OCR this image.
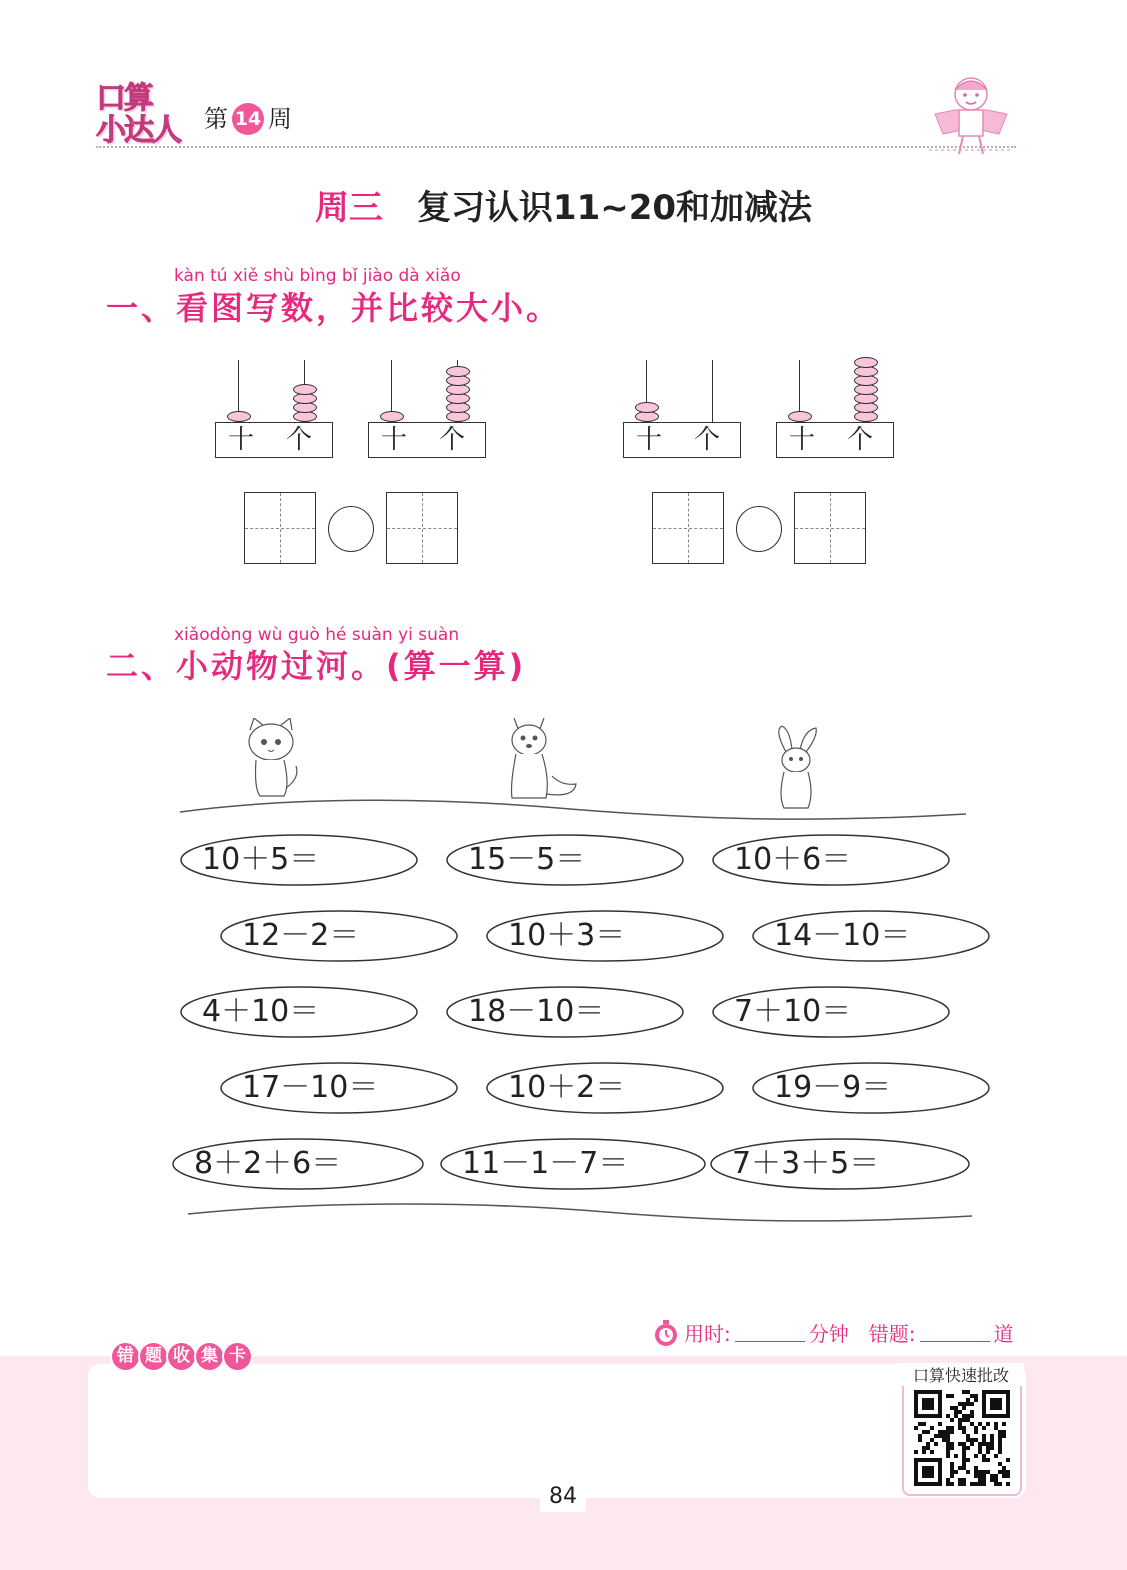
口算
小达人 第 14 周
周三 复习认识11~20和加减法
kàn tú xiě shù bìng bǐ jiào dà xiǎo
一、看图写数，并比较大小。
十 个	十 个	十 个	十 个
xiǎodòng wù guò hé suàn yi suàn
二、小动物过河。(算一算)
10＋5＝	15－5＝	10＋6＝
12－2＝	10＋3＝	14－10＝
4＋10＝	18－10＝	7＋10＝
17－10＝	10＋2＝	19－9＝
8＋2＋6＝	11－1－7＝	7＋3＋5＝
用时:	分钟 错题:	道
错 题 收 集 卡
口算快速批改
84
